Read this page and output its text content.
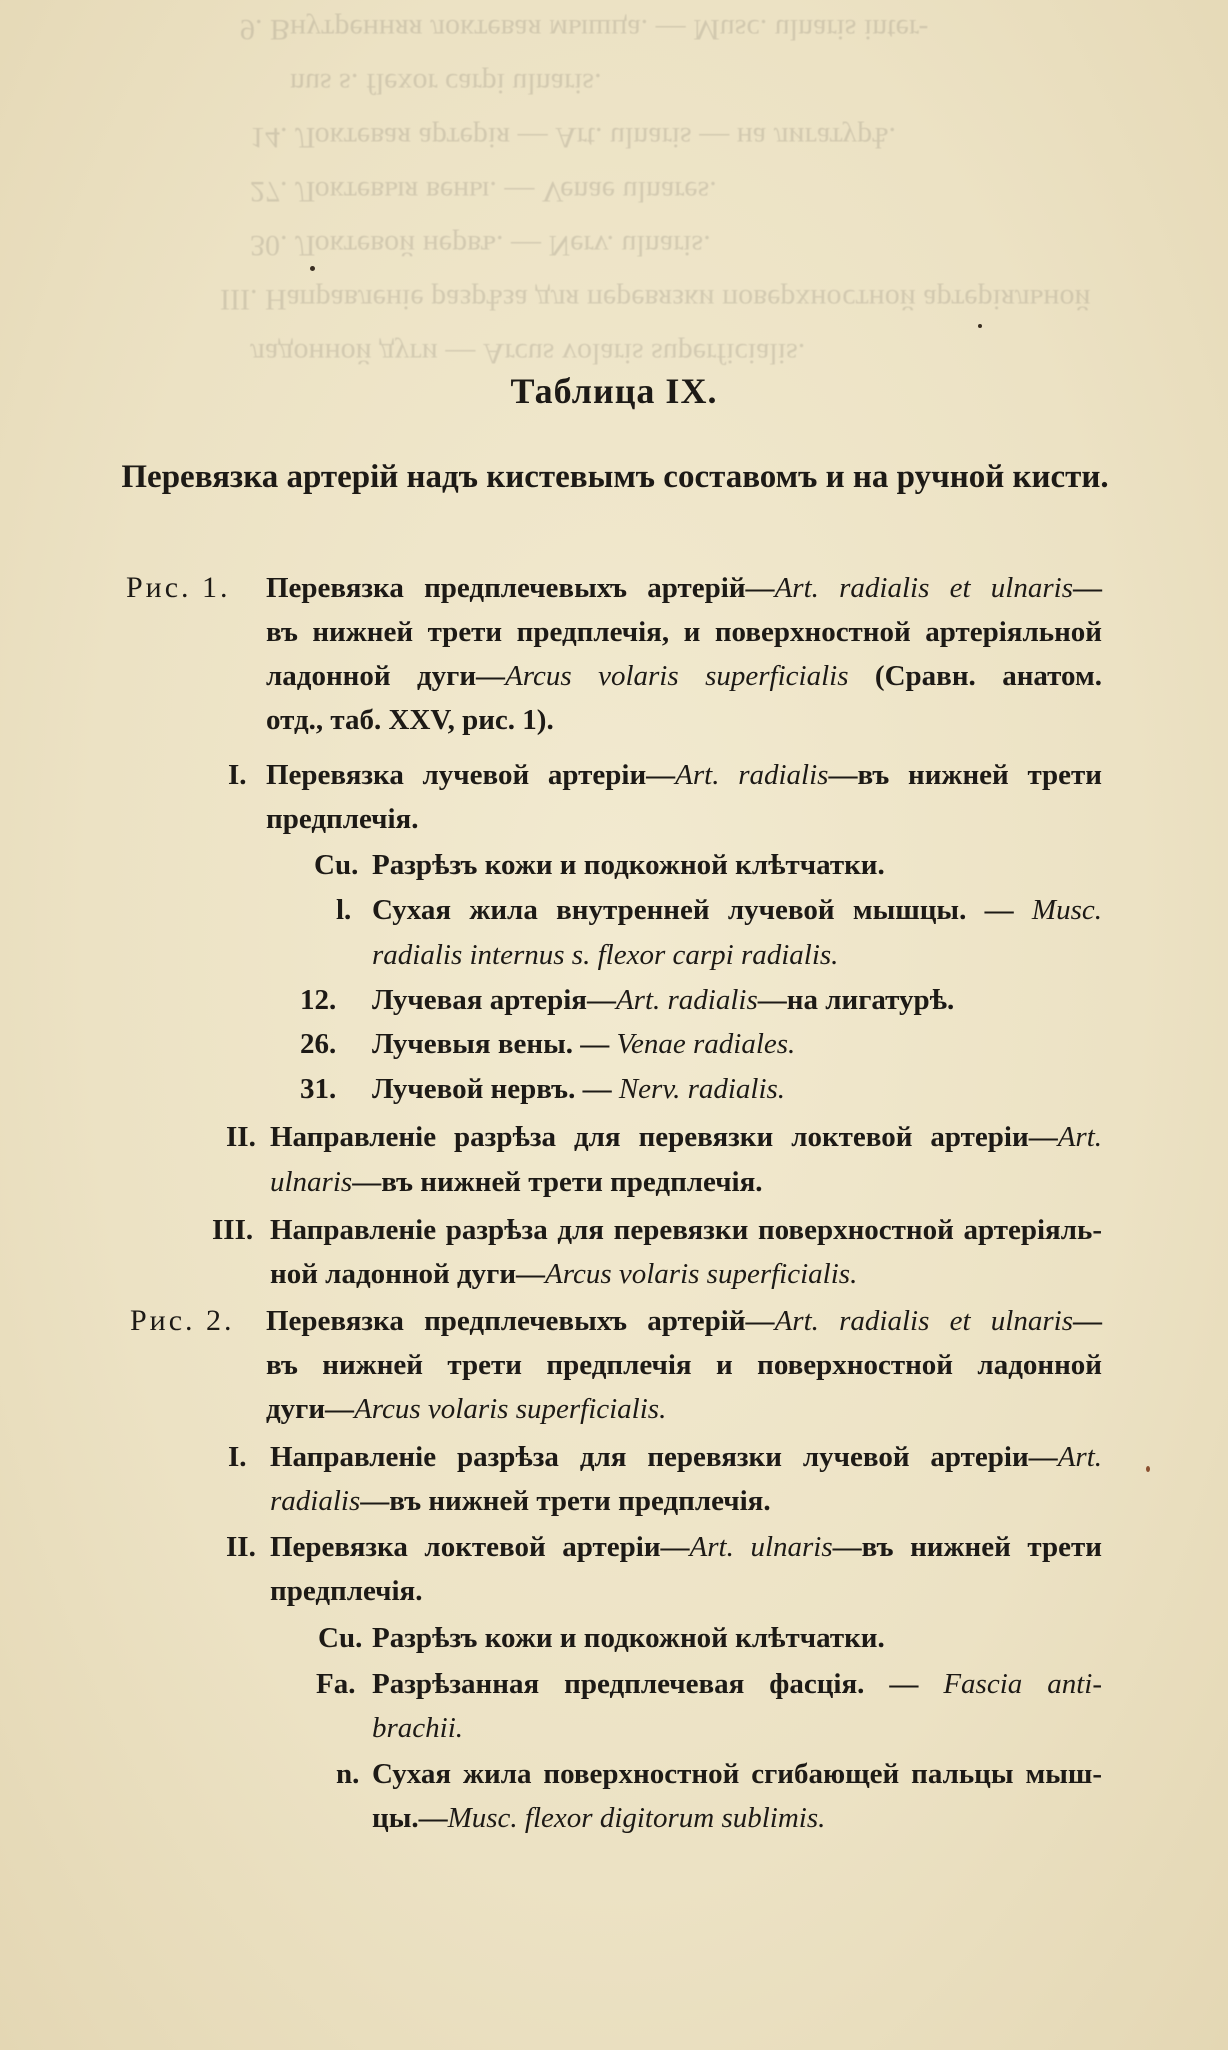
ладонной дуги — Arcus volaris superficialis.
III. Направленіе разрѣза для перевязки поверхностной артеріяльной
30. Локтевой нервъ. — Nerv. ulnaris.
27. Локтевыя вены. — Venae ulnares.
14. Локтевая артерія — Art. ulnaris — на лигатурѣ.
nus s. flexor carpi ulnaris.
9. Внутренняя локтевая мышца. — Musc. ulnaris inter-
Таблица IX.
Перевязка артерій надъ кистевымъ составомъ и на ручной кисти.
Рис. 1. Перевязка предплечевыхъ артерій—Art. radialis et ulnaris—
въ нижней трети предплечія, и поверхностной артеріяльной
ладонной дуги—Arcus volaris superficialis (Сравн. анатом.
отд., таб. XXV, рис. 1).
I. Перевязка лучевой артеріи—Art. radialis—въ нижней трети
предплечія.
Cu. Разрѣзъ кожи и подкожной клѣтчатки.
l. Сухая жила внутренней лучевой мышцы. — Musc.
radialis internus s. flexor carpi radialis.
12. Лучевая артерія—Art. radialis—на лигатурѣ.
26. Лучевыя вены. — Venae radiales.
31. Лучевой нервъ. — Nerv. radialis.
II. Направленіе разрѣза для перевязки локтевой артеріи—Art.
ulnaris—въ нижней трети предплечія.
III. Направленіе разрѣза для перевязки поверхностной артеріяль-
ной ладонной дуги—Arcus volaris superficialis.
Рис. 2. Перевязка предплечевыхъ артерій—Art. radialis et ulnaris—
въ нижней трети предплечія и поверхностной ладонной
дуги—Arcus volaris superficialis.
I. Направленіе разрѣза для перевязки лучевой артеріи—Art.
radialis—въ нижней трети предплечія.
II. Перевязка локтевой артеріи—Art. ulnaris—въ нижней трети
предплечія.
Cu. Разрѣзъ кожи и подкожной клѣтчатки.
Fa. Разрѣзанная предплечевая фасція. — Fascia anti-
brachii.
n. Сухая жила поверхностной сгибающей пальцы мыш-
цы.—Musc. flexor digitorum sublimis.
